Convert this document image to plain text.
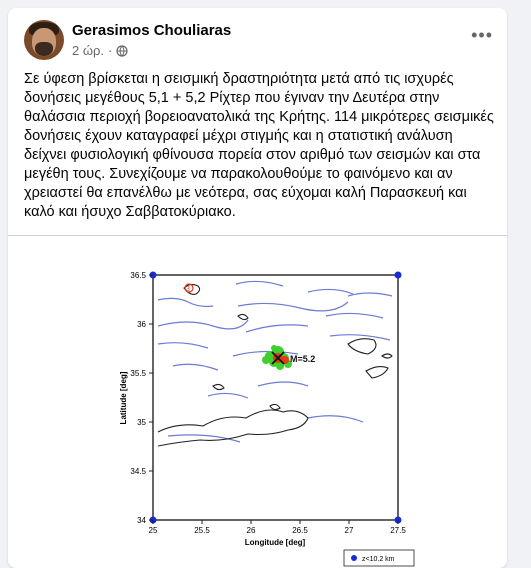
Gerasimos Chouliaras
2 ώρ. ·
•••
Σε ύφεση βρίσκεται η σεισμική δραστηριότητα μετά από τις ισχυρές δονήσεις μεγέθους 5,1 + 5,2 Ρίχτερ που έγιναν την Δευτέρα στην θαλάσσια περιοχή βορειοανατολικά της Κρήτης. 114 μικρότερες σεισμικές δονήσεις έχουν καταγραφεί μέχρι στιγμής και η στατιστική ανάλυση δείχνει φυσιολογική φθίνουσα πορεία στον αριθμό των σεισμών και στα μεγέθη τους. Συνεχίζουμε να παρακολουθούμε το φαινόμενο και αν χρειαστεί θα επανέλθω με νεότερα, σας εύχομαι καλή Παρασκευή και καλό και ήσυχο Σαββατοκύριακο.
M=5.2
3
36.5
36
35.5
35
34.5
34
Latitude [deg]
25	25.5	26	26.5	27	27.5
Longitude [deg]
z<10.2 km
